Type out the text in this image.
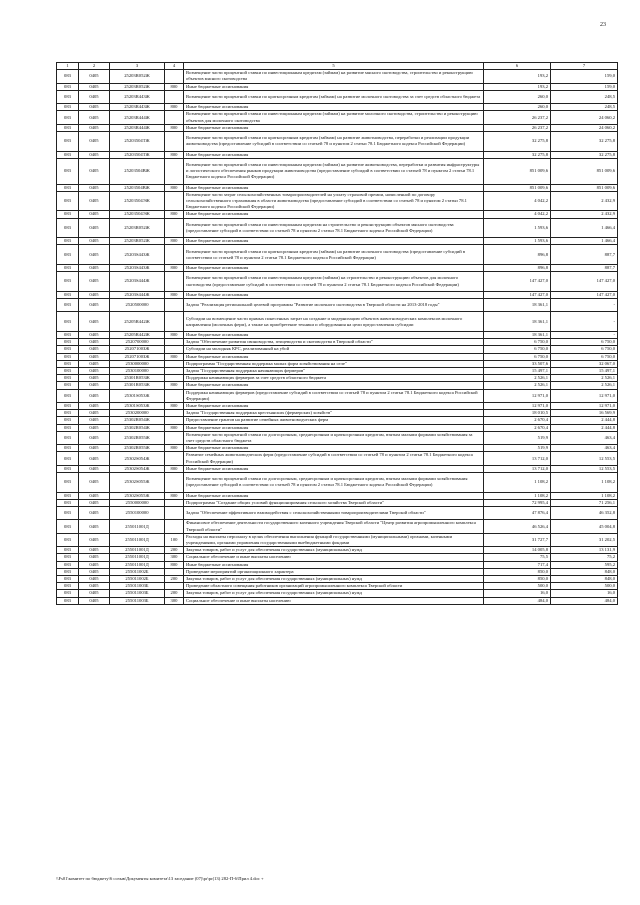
23
1	2	3	4	5	6	7
083	0405	25203R052Ж		Возмещение части процентной ставки по инвестиционным кредитам (займам) на развитие мясного скотоводства, строительство и реконструкцию объектов мясного скотоводства	193,2	159,0
083	0405	25203R052Ж	800	Иные бюджетные ассигнования	193,2	159,0
083	0405	25203R443Ж		Возмещение части процентной ставки по краткосрочным кредитам (займам) на развитие молочного скотоводства за счет средств областного бюджета	260,0	248,5
083	0405	25203R443Ж	800	Иные бюджетные ассигнования	260,0	248,5
083	0405	25203R444Ж		Возмещение части процентной ставки по инвестиционным кредитам (займам) на развитие молочного скотоводства, строительство и реконструкцию объектов для молочного скотоводства	26 237,2	24 060,2
083	0405	25203R444Ж	800	Иные бюджетные ассигнования	26 237,2	24 060,2
083	0405	25203504ТЖ		Возмещение части процентной ставки по краткосрочным кредитам (займам) на развитие животноводства, переработки и реализации продукции животноводства (предоставление субсидий в соответствии со статьей 78 и пунктом 2 статьи 78.1 Бюджетного кодекса Российской Федерации)	32 275,8	32 275,8
083	0405	25203504ТЖ	800	Иные бюджетные ассигнования	32 275,8	32 275,8
083	0405	25203504ВЖ		Возмещение части процентной ставки по инвестиционным кредитам (займам) на развитие животноводства, переработки и развития инфраструктуры и логистического обеспечения рынков продукции животноводства (предоставление субсидий в соответствии со статьей 78 и пунктом 2 статьи 78.1 Бюджетного кодекса Российской Федерации)	851 009,6	851 009,6
083	0405	25203504ВЖ	800	Иные бюджетные ассигнования	851 009,6	851 009,6
083	0405	25203504ЭЖ		Возмещение части затрат сельскохозяйственных товаропроизводителей на уплату страховой премии, начисленной по договору сельскохозяйственного страхования в области животноводства (предоставление субсидий в соответствии со статьей 78 и пунктом 2 статьи 78.1 Бюджетного кодекса Российской Федерации)	4 042,2	2 432,9
083	0405	25203504ЭЖ	800	Иные бюджетные ассигнования	4 042,2	2 432,9
083	0405	25203R052Ж		Возмещение части процентной ставки по инвестиционным кредитам на строительство и реконструкцию объектов мясного скотоводства (предоставление субсидий в соответствии со статьей 78 и пунктом 2 статьи 78.1 Бюджетного кодекса Российской Федерации)	1 593,6	1 466,4
083	0405	25203R052Ж	800	Иные бюджетные ассигнования	1 593,6	1 466,4
083	0405	25203S443Ж		Возмещение части процентной ставки по краткосрочным кредитам (займам) на развитие молочного скотоводства (предоставление субсидий в соответствии со статьей 78 и пунктом 2 статьи 78.1 Бюджетного кодекса Российской Федерации)	896,8	887,7
083	0405	25203S443Ж	800	Иные бюджетные ассигнования	896,8	887,7
083	0405	25203S444Ж		Возмещение части процентной ставки по инвестиционным кредитам (займам) на строительство и реконструкцию объектов для молочного скотоводства (предоставление субсидий в соответствии со статьей 78 и пунктом 2 статьи 78.1 Бюджетного кодекса Российской Федерации)	147 427,0	147 427,0
083	0405	25203S444Ж	800	Иные бюджетные ассигнования	147 427,0	147 427,0
083	0405	2520500000		Задача "Реализация региональной целевой программы "Развитие молочного скотоводства в Тверской области на 2013-2018 годы"	18 361,1	-
083	0405	25205R442Ж		Субсидии на возмещение части прямых понесенных затрат на создание и модернизацию объектов животноводческих комплексов молочного направления (молочных ферм), а также на приобретение техники и оборудования на цели предоставления субсидии	18 361,1	-
083	0405	25205R442Ж	800	Иные бюджетные ассигнования	18 361,1	-
083	0405	2520700000		Задача "Обеспечение развития свиноводства, птицеводства и скотоводства в Тверской области"	6 750,0	6 750,0
083	0405	25207100ЗЖ		Субсидии на молодняк КРС, реализованный на убой	6 750,0	6 750,0
083	0405	25207100ЗЖ	800	Иные бюджетные ассигнования	6 750,0	6 750,0
083	0405	2530000000		Подпрограмма "Государственная поддержка малых форм хозяйствования на селе"	33 507,6	32 067,0
083	0405	2530100000		Задача "Государственная поддержка начинающих фермеров"	15 497,1	15 497,1
083	0405	25301R053Ж		Поддержка начинающих фермеров за счет средств областного бюджета	2 526,1	2 526,1
083	0405	25301R053Ж	800	Иные бюджетные ассигнования	2 526,1	2 526,1
083	0405	25301S053Ж		Поддержка начинающих фермеров (предоставление субсидий в соответствии со статьей 78 и пунктом 2 статьи 78.1 Бюджетного кодекса Российской Федерации)	12 971,0	12 971,0
083	0405	25301S053Ж	800	Иные бюджетные ассигнования	12 971,0	12 971,0
083	0405	2530200000		Задача "Государственная поддержка крестьянских (фермерских) хозяйств"	18 010,5	16 569,9
083	0405	25302R054Ж		Предоставление грантов на развитие семейных животноводческих ферм	2 670,4	2 444,8
083	0405	25302R054Ж	800	Иные бюджетные ассигнования	2 670,4	2 444,8
083	0405	25302R055Ж		Возмещение части процентной ставки по долгосрочным, среднесрочным и краткосрочным кредитам, взятым малыми формами хозяйствования за счет средств областного бюджета	519,9	463,4
083	0405	25302R055Ж	800	Иные бюджетные ассигнования	519,9	463,4
083	0405	25302S054Ж		Развитие семейных животноводческих ферм (предоставление субсидий в соответствии со статьей 78 и пунктом 2 статьи 78.1 Бюджетного кодекса Российской Федерации)	13 712,0	12 553,5
083	0405	25302S054Ж	800	Иные бюджетные ассигнования	13 712,0	12 553,5
083	0405	25302S055Ж		Возмещение части процентной ставки по долгосрочным, среднесрочным и краткосрочным кредитам, взятым малыми формами хозяйствования (предоставление субсидий в соответствии со статьей 78 и пунктом 2 статьи 78.1 Бюджетного кодекса Российской Федерации)	1 108,2	1 108,2
083	0405	25302S055Ж	800	Иные бюджетные ассигнования	1 108,2	1 108,2
083	0405	2550000000		Подпрограмма "Создание общих условий функционирования сельского хозяйства Тверской области"	72 995,4	71 256,1
083	0405	2550100000		Задача "Обеспечение эффективного взаимодействия с сельскохозяйственными товаропроизводителями Тверской области"	47 876,4	46 352,8
083	0405	255011001Д		Финансовое обеспечение деятельности государственного казенного учреждения Тверской области "Центр развития агропромышленного комплекса Тверской области"	46 526,4	45 004,8
083	0405	255011001Д	100	Расходы на выплаты персоналу в целях обеспечения выполнения функций государственными (муниципальными) органами, казенными учреждениями, органами управления государственными внебюджетными фондами	31 727,7	31 202,5
083	0405	255011001Д	200	Закупка товаров, работ и услуг для обеспечения государственных (муниципальных) нужд	14 005,8	13 131,9
083	0405	255011001Д	300	Социальное обеспечение и иные выплаты населению	75,5	75,2
083	0405	255011001Д	800	Иные бюджетные ассигнования	717,4	595,2
083	0405	255011002Б		Проведение мероприятий организационного характера	850,0	848,0
083	0405	255011002Б	200	Закупка товаров, работ и услуг для обеспечения государственных (муниципальных) нужд	850,0	848,0
083	0405	255011003Б		Проведение областного совещания работников организаций агропромышленного комплекса Тверской области	500,0	500,0
083	0405	255011003Б	200	Закупка товаров, работ и услуг для обеспечения государственных (муниципальных) нужд	16,0	16,0
083	0405	255011003Б	300	Социальное обеспечение и иные выплаты населению	484,0	484,0
\\Fs01\комитет по бюджету\6 созыв\Документы комитета\13 заседание (07)\pr\pr(13) 282-П-6\Прил 4.doc +
